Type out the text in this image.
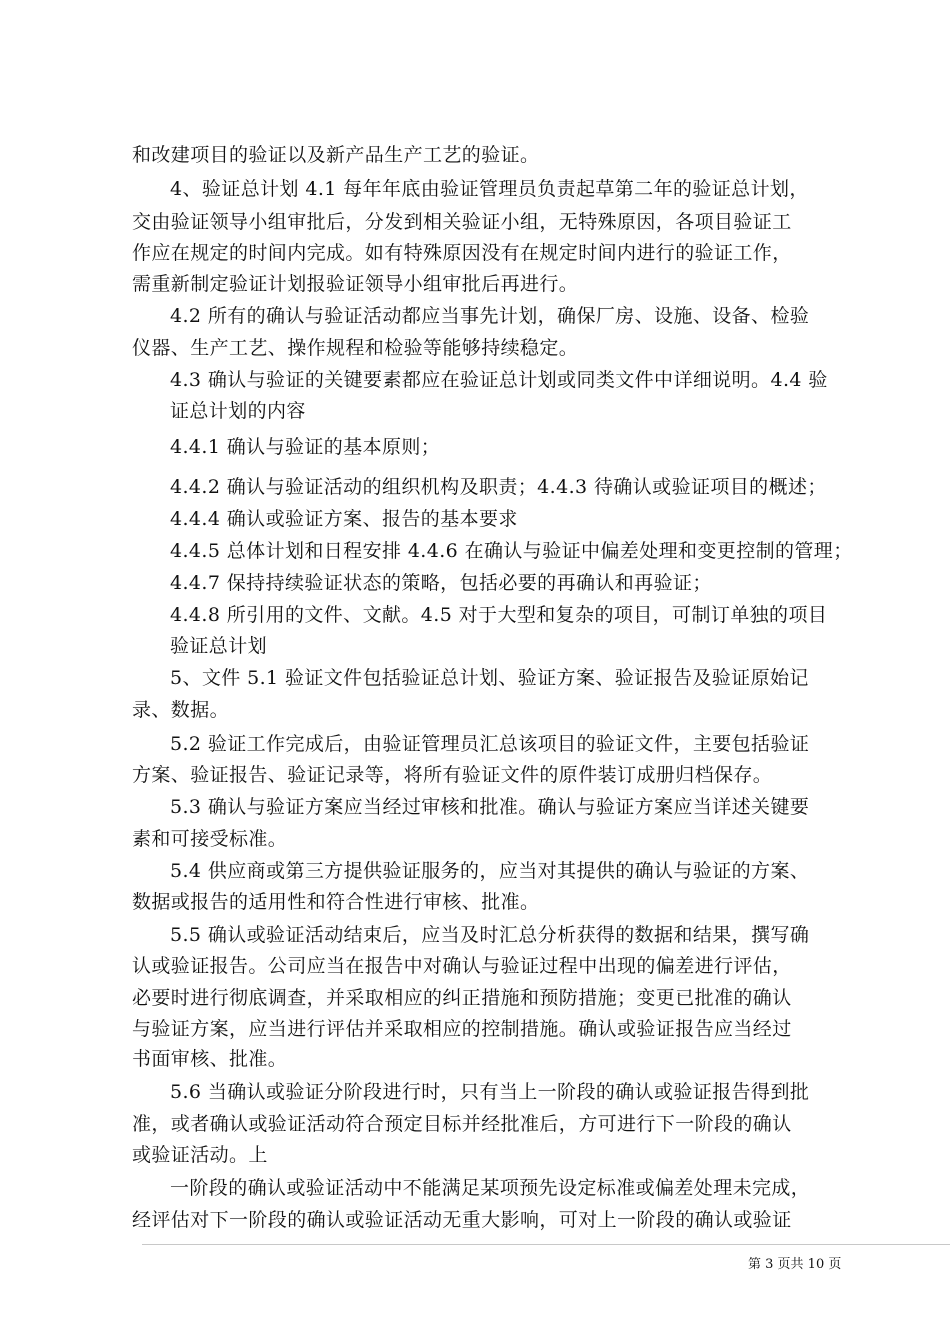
和改建项目的验证以及新产品生产工艺的验证。
4、验证总计划 4.1 每年年底由验证管理员负责起草第二年的验证总计划，
交由验证领导小组审批后，分发到相关验证小组，无特殊原因，各项目验证工
作应在规定的时间内完成。如有特殊原因没有在规定时间内进行的验证工作，
需重新制定验证计划报验证领导小组审批后再进行。
4.2 所有的确认与验证活动都应当事先计划，确保厂房、设施、设备、检验
仪器、生产工艺、操作规程和检验等能够持续稳定。
4.3 确认与验证的关键要素都应在验证总计划或同类文件中详细说明。4.4 验
证总计划的内容
4.4.1 确认与验证的基本原则；
4.4.2 确认与验证活动的组织机构及职责；4.4.3 待确认或验证项目的概述；
4.4.4 确认或验证方案、报告的基本要求
4.4.5 总体计划和日程安排 4.4.6 在确认与验证中偏差处理和变更控制的管理；
4.4.7 保持持续验证状态的策略，包括必要的再确认和再验证；
4.4.8 所引用的文件、文献。4.5 对于大型和复杂的项目，可制订单独的项目
验证总计划
5、文件 5.1 验证文件包括验证总计划、验证方案、验证报告及验证原始记
录、数据。
5.2 验证工作完成后，由验证管理员汇总该项目的验证文件，主要包括验证
方案、验证报告、验证记录等，将所有验证文件的原件装订成册归档保存。
5.3 确认与验证方案应当经过审核和批准。确认与验证方案应当详述关键要
素和可接受标准。
5.4 供应商或第三方提供验证服务的，应当对其提供的确认与验证的方案、
数据或报告的适用性和符合性进行审核、批准。
5.5 确认或验证活动结束后，应当及时汇总分析获得的数据和结果，撰写确
认或验证报告。公司应当在报告中对确认与验证过程中出现的偏差进行评估，
必要时进行彻底调查，并采取相应的纠正措施和预防措施；变更已批准的确认
与验证方案，应当进行评估并采取相应的控制措施。确认或验证报告应当经过
书面审核、批准。
5.6 当确认或验证分阶段进行时，只有当上一阶段的确认或验证报告得到批
准，或者确认或验证活动符合预定目标并经批准后，方可进行下一阶段的确认
或验证活动。上
一阶段的确认或验证活动中不能满足某项预先设定标准或偏差处理未完成，
经评估对下一阶段的确认或验证活动无重大影响，可对上一阶段的确认或验证
第 3 页共 10 页
